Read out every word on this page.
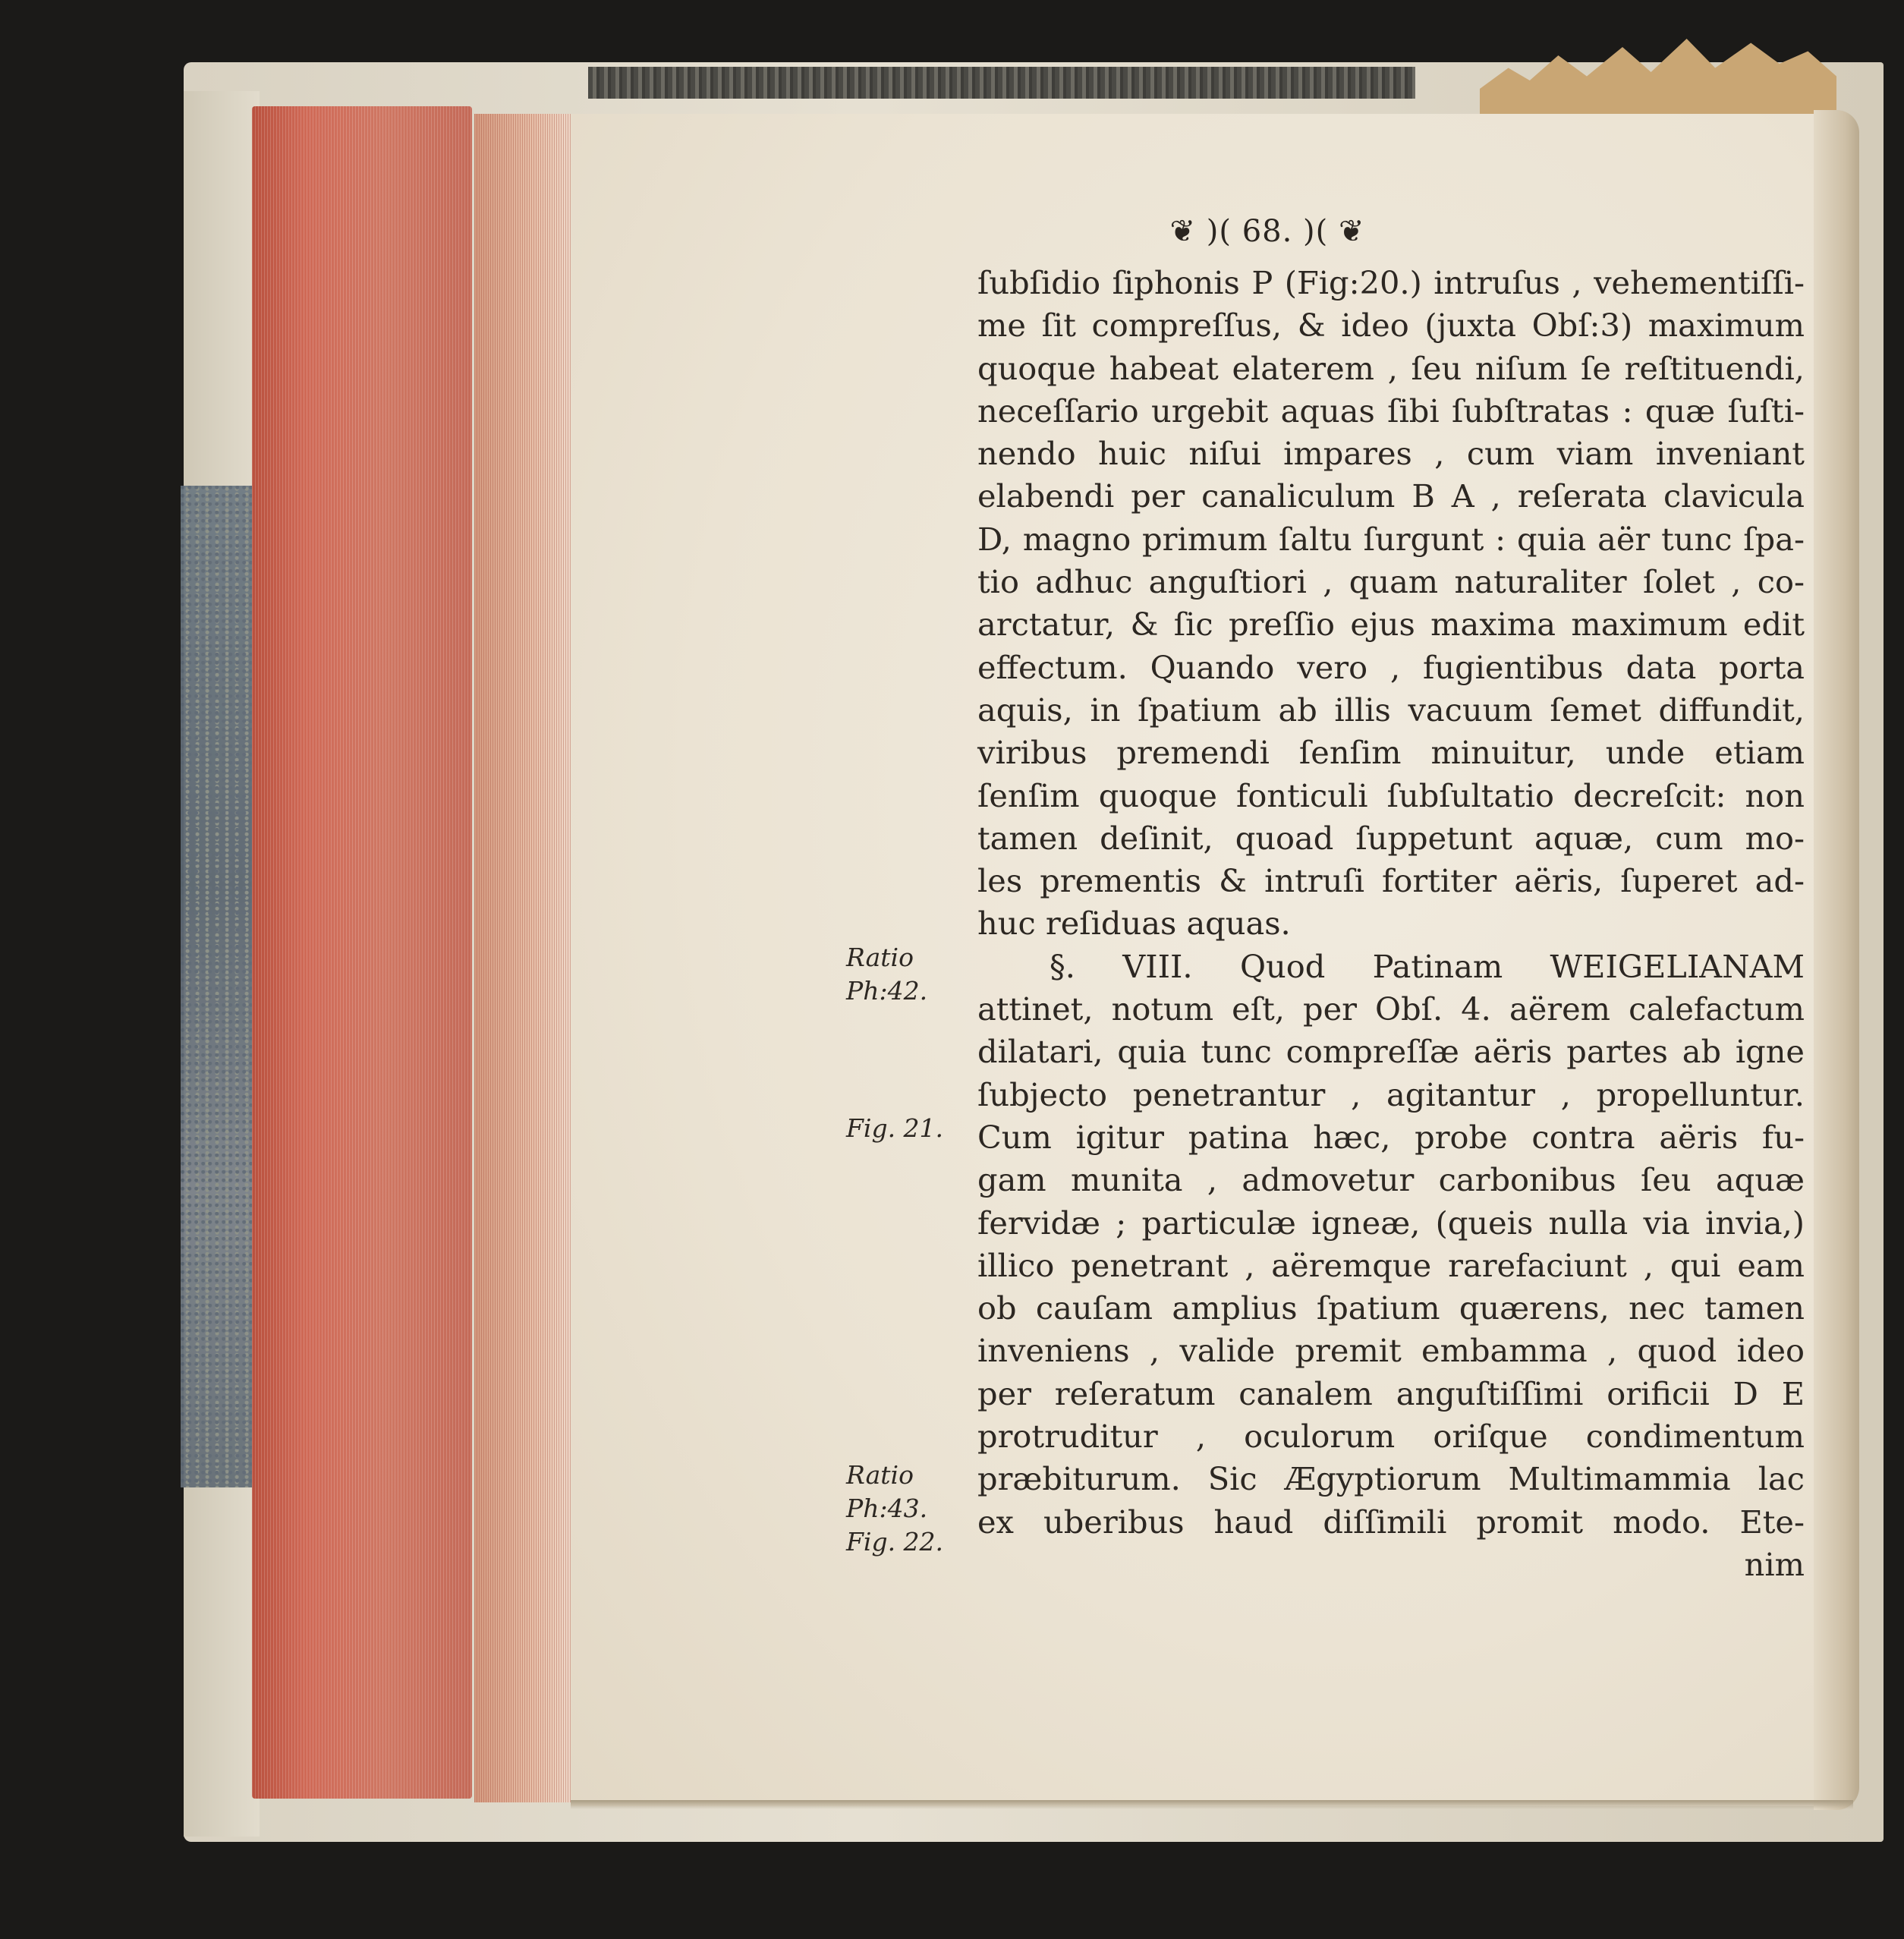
❦ )( 68. )( ❦
ſubſidio ſiphonis P (Fig:20.) intruſus , vehementiſſi-
me ſit compreſſus, & ideo (juxta Obſ:3) maximum
quoque habeat elaterem , ſeu niſum ſe reſtituendi,
neceſſario urgebit aquas ſibi ſubſtratas : quæ ſuſti-
nendo huic niſui impares , cum viam inveniant
elabendi per canaliculum B A , reſerata clavicula
D, magno primum ſaltu ſurgunt : quia aër tunc ſpa-
tio adhuc anguſtiori , quam naturaliter ſolet , co-
arctatur, & ſic preſſio ejus maxima maximum edit
effectum. Quando vero , fugientibus data porta
aquis, in ſpatium ab illis vacuum ſemet diffundit,
viribus premendi ſenſim minuitur, unde etiam
ſenſim quoque fonticuli ſubſultatio decreſcit: non
tamen deſinit, quoad ſuppetunt aquæ, cum mo-
les prementis & intruſi fortiter aëris, ſuperet ad-
huc reſiduas aquas.
§. VIII. Quod Patinam WEIGELIANAM
attinet, notum eſt, per Obſ. 4. aërem calefactum
dilatari, quia tunc compreſſæ aëris partes ab igne
ſubjecto penetrantur , agitantur , propelluntur.
Cum igitur patina hæc, probe contra aëris fu-
gam munita , admovetur carbonibus ſeu aquæ
fervidæ ; particulæ igneæ, (queis nulla via invia,)
illico penetrant , aëremque rarefaciunt , qui eam
ob cauſam amplius ſpatium quærens, nec tamen
inveniens , valide premit embamma , quod ideo
per reſeratum canalem anguſtiſſimi orificii D E
protruditur , oculorum oriſque condimentum
præbiturum. Sic Ægyptiorum Multimammia lac
ex uberibus haud diſſimili promit modo. Ete-
nim
Ratio
Ph:42.
Fig. 21.
Ratio
Ph:43.
Fig. 22.
